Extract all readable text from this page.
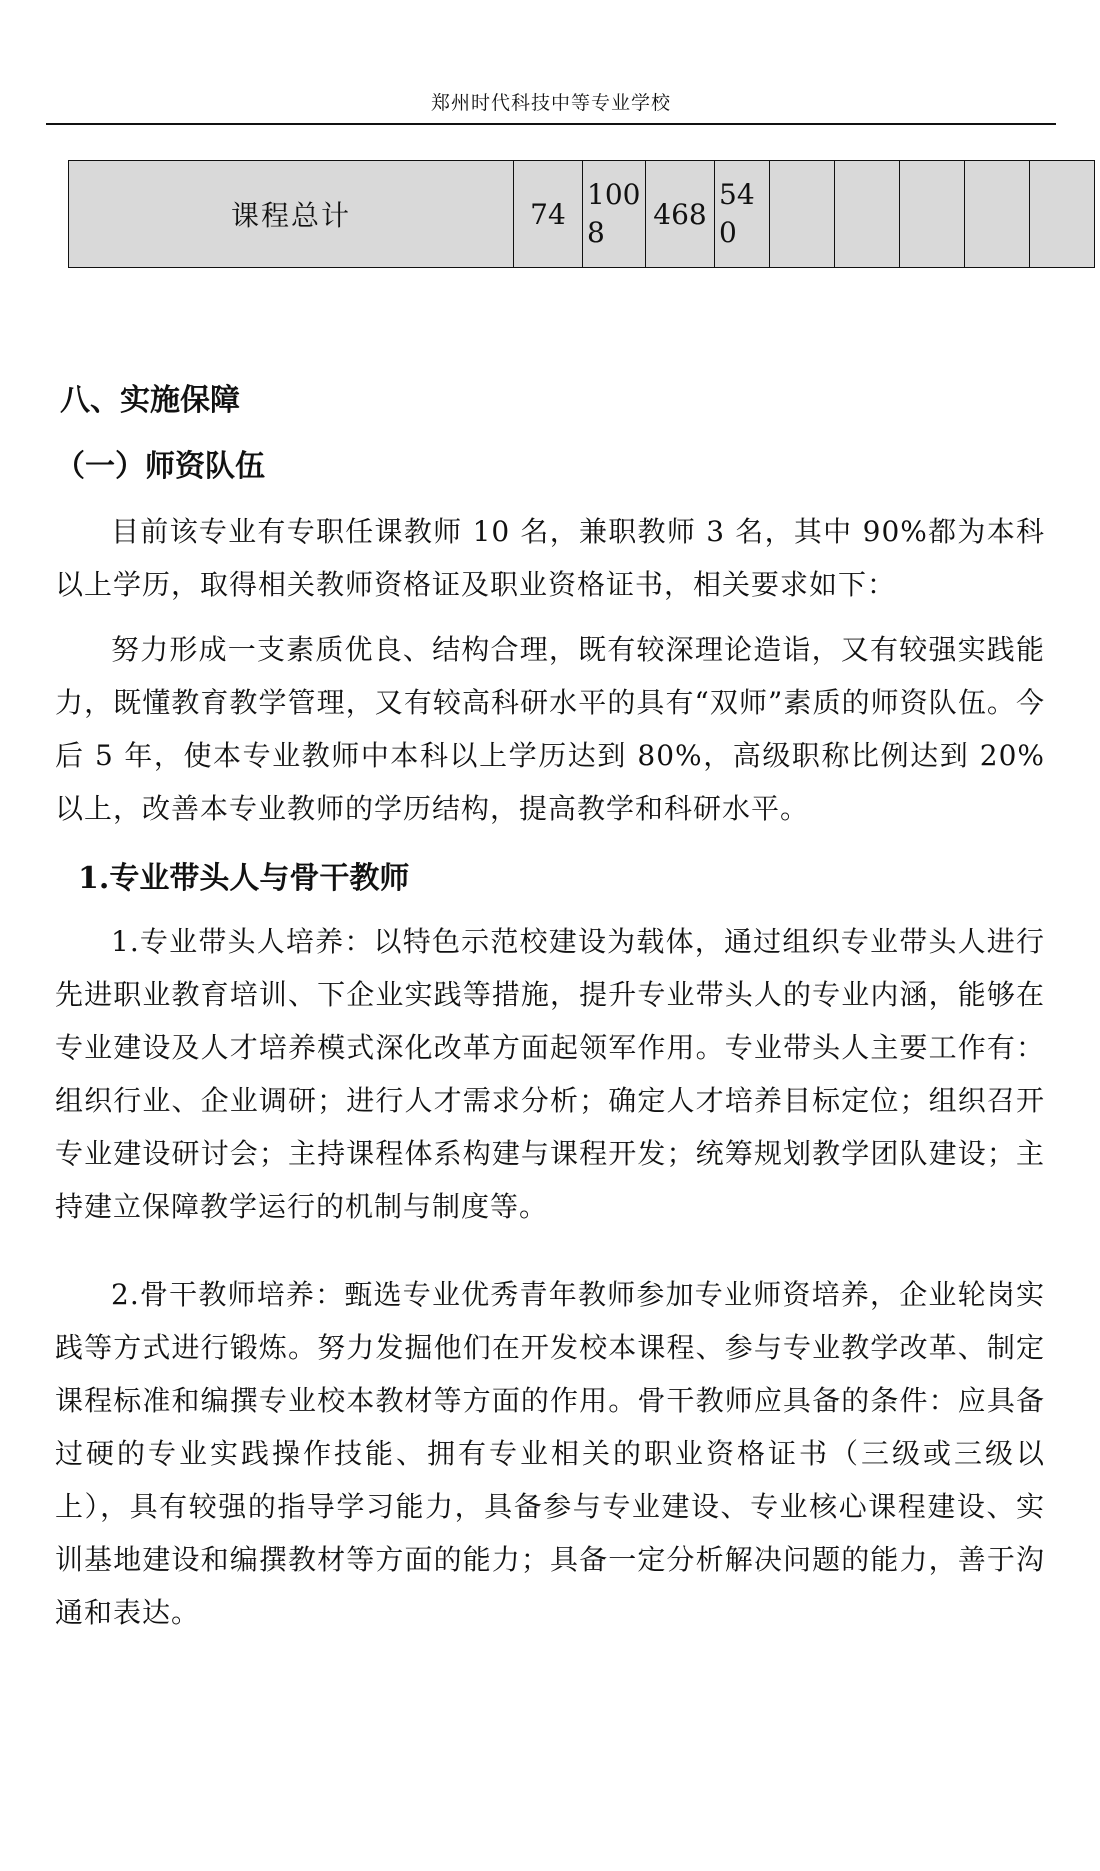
郑州时代科技中等专业学校
课程总计	74	1008	468	540					
八、实施保障
（一）师资队伍
目前该专业有专职任课教师 10 名，兼职教师 3 名，其中 90%都为本科以上学历，取得相关教师资格证及职业资格证书，相关要求如下：
努力形成一支素质优良、结构合理，既有较深理论造诣，又有较强实践能力，既懂教育教学管理，又有较高科研水平的具有“双师”素质的师资队伍。今后 5 年，使本专业教师中本科以上学历达到 80%，高级职称比例达到 20%以上，改善本专业教师的学历结构，提高教学和科研水平。
1.专业带头人与骨干教师
1.专业带头人培养：以特色示范校建设为载体，通过组织专业带头人进行先进职业教育培训、下企业实践等措施，提升专业带头人的专业内涵，能够在专业建设及人才培养模式深化改革方面起领军作用。专业带头人主要工作有：组织行业、企业调研；进行人才需求分析；确定人才培养目标定位；组织召开专业建设研讨会；主持课程体系构建与课程开发；统筹规划教学团队建设；主持建立保障教学运行的机制与制度等。
2.骨干教师培养：甄选专业优秀青年教师参加专业师资培养，企业轮岗实践等方式进行锻炼。努力发掘他们在开发校本课程、参与专业教学改革、制定课程标准和编撰专业校本教材等方面的作用。骨干教师应具备的条件：应具备过硬的专业实践操作技能、拥有专业相关的职业资格证书（三级或三级以上），具有较强的指导学习能力，具备参与专业建设、专业核心课程建设、实训基地建设和编撰教材等方面的能力；具备一定分析解决问题的能力，善于沟通和表达。
